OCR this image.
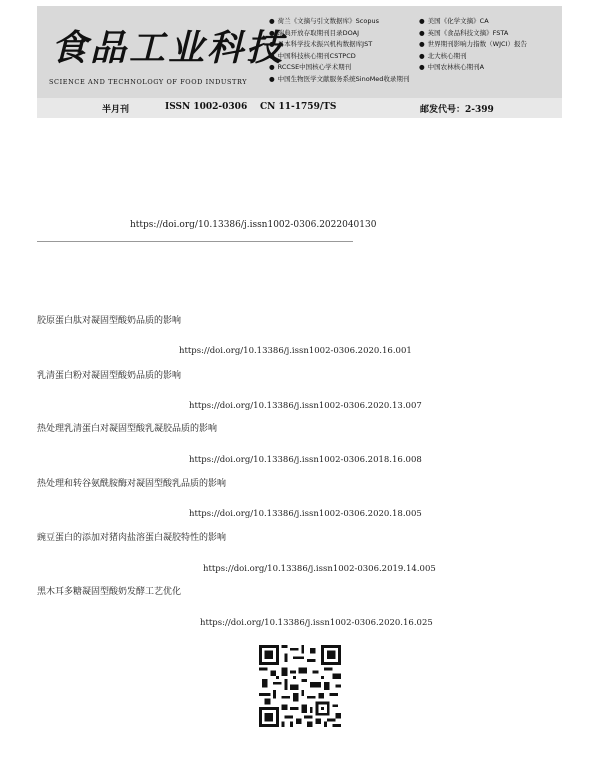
食品工业科技
SCIENCE AND TECHNOLOGY OF FOOD INDUSTRY
● 荷兰《文摘与引文数据库》Scopus	● 美国《化学文摘》CA
● 瑞典开放存取期刊目录DOAJ	● 英国《食品科技文摘》FSTA
● 日本科学技术振兴机构数据库JST	● 世界期刊影响力指数（WJCI）报告
● 中国科技核心期刊CSTPCD	● 北大核心期刊
● RCCSE中国核心学术期刊	● 中国农林核心期刊A
● 中国生物医学文献服务系统SinoMed收录期刊
半月刊	ISSN 1002-0306 CN 11-1759/TS	邮发代号：2-399
https://doi.org/10.13386/j.issn1002-0306.2022040130
胶原蛋白肽对凝固型酸奶品质的影响
https://doi.org/10.13386/j.issn1002-0306.2020.16.001
乳清蛋白粉对凝固型酸奶品质的影响
https://doi.org/10.13386/j.issn1002-0306.2020.13.007
热处理乳清蛋白对凝固型酸乳凝胶品质的影响
https://doi.org/10.13386/j.issn1002-0306.2018.16.008
热处理和转谷氨酰胺酶对凝固型酸乳品质的影响
https://doi.org/10.13386/j.issn1002-0306.2020.18.005
豌豆蛋白的添加对猪肉盐溶蛋白凝胶特性的影响
https://doi.org/10.13386/j.issn1002-0306.2019.14.005
黑木耳多糖凝固型酸奶发酵工艺优化
https://doi.org/10.13386/j.issn1002-0306.2020.16.025
